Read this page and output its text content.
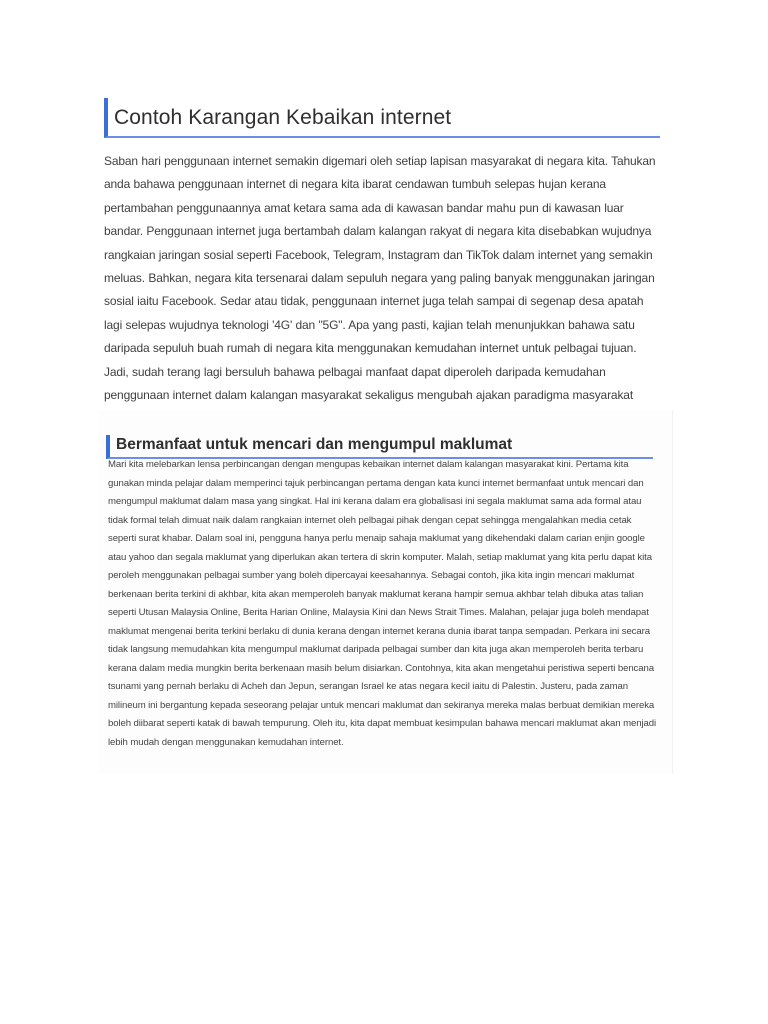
Contoh Karangan Kebaikan internet

Saban hari penggunaan internet semakin digemari oleh setiap lapisan masyarakat di negara kita. Tahukan anda bahawa penggunaan internet di negara kita ibarat cendawan tumbuh selepas hujan kerana pertambahan penggunaannya amat ketara sama ada di kawasan bandar mahu pun di kawasan luar bandar. Penggunaan internet juga bertambah dalam kalangan rakyat di negara kita disebabkan wujudnya rangkaian jaringan sosial seperti Facebook, Telegram, Instagram dan TikTok dalam internet yang semakin meluas. Bahkan, negara kita tersenarai dalam sepuluh negara yang paling banyak menggunakan jaringan sosial iaitu Facebook. Sedar atau tidak, penggunaan internet juga telah sampai di segenap desa apatah lagi selepas wujudnya teknologi '4G' dan "5G". Apa yang pasti, kajian telah menunjukkan bahawa satu daripada sepuluh buah rumah di negara kita menggunakan kemudahan internet untuk pelbagai tujuan. Jadi, sudah terang lagi bersuluh bahawa pelbagai manfaat dapat diperoleh daripada kemudahan penggunaan internet dalam kalangan masyarakat sekaligus mengubah ajakan paradigma masyarakat

Bermanfaat untuk mencari dan mengumpul maklumat

Mari kita melebarkan lensa perbincangan dengan mengupas kebaikan internet dalam kalangan masyarakat kini. Pertama kita gunakan minda pelajar dalam memperinci tajuk perbincangan pertama dengan kata kunci internet bermanfaat untuk mencari dan mengumpul maklumat dalam masa yang singkat. Hal ini kerana dalam era globalisasi ini segala maklumat sama ada formal atau tidak formal telah dimuat naik dalam rangkaian internet oleh pelbagai pihak dengan cepat sehingga mengalahkan media cetak seperti surat khabar. Dalam soal ini, pengguna hanya perlu menaip sahaja maklumat yang dikehendaki dalam carian enjin google atau yahoo dan segala maklumat yang diperlukan akan tertera di skrin komputer. Malah, setiap maklumat yang kita perlu dapat kita peroleh menggunakan pelbagai sumber yang boleh dipercayai keesahannya. Sebagai contoh, jika kita ingin mencari maklumat berkenaan berita terkini di akhbar, kita akan memperoleh banyak maklumat kerana hampir semua akhbar telah dibuka atas talian seperti Utusan Malaysia Online, Berita Harian Online, Malaysia Kini dan News Strait Times. Malahan, pelajar juga boleh mendapat maklumat mengenai berita terkini berlaku di dunia kerana dengan internet kerana dunia ibarat tanpa sempadan. Perkara ini secara tidak langsung memudahkan kita mengumpul maklumat daripada pelbagai sumber dan kita juga akan memperoleh berita terbaru kerana dalam media mungkin berita berkenaan masih belum disiarkan. Contohnya, kita akan mengetahui peristiwa seperti bencana tsunami yang pernah berlaku di Acheh dan Jepun, serangan Israel ke atas negara kecil iaitu di Palestin. Justeru, pada zaman milineum ini bergantung kepada seseorang pelajar untuk mencari maklumat dan sekiranya mereka malas berbuat demikian mereka boleh diibarat seperti katak di bawah tempurung. Oleh itu, kita dapat membuat kesimpulan bahawa mencari maklumat akan menjadi lebih mudah dengan menggunakan kemudahan internet.
